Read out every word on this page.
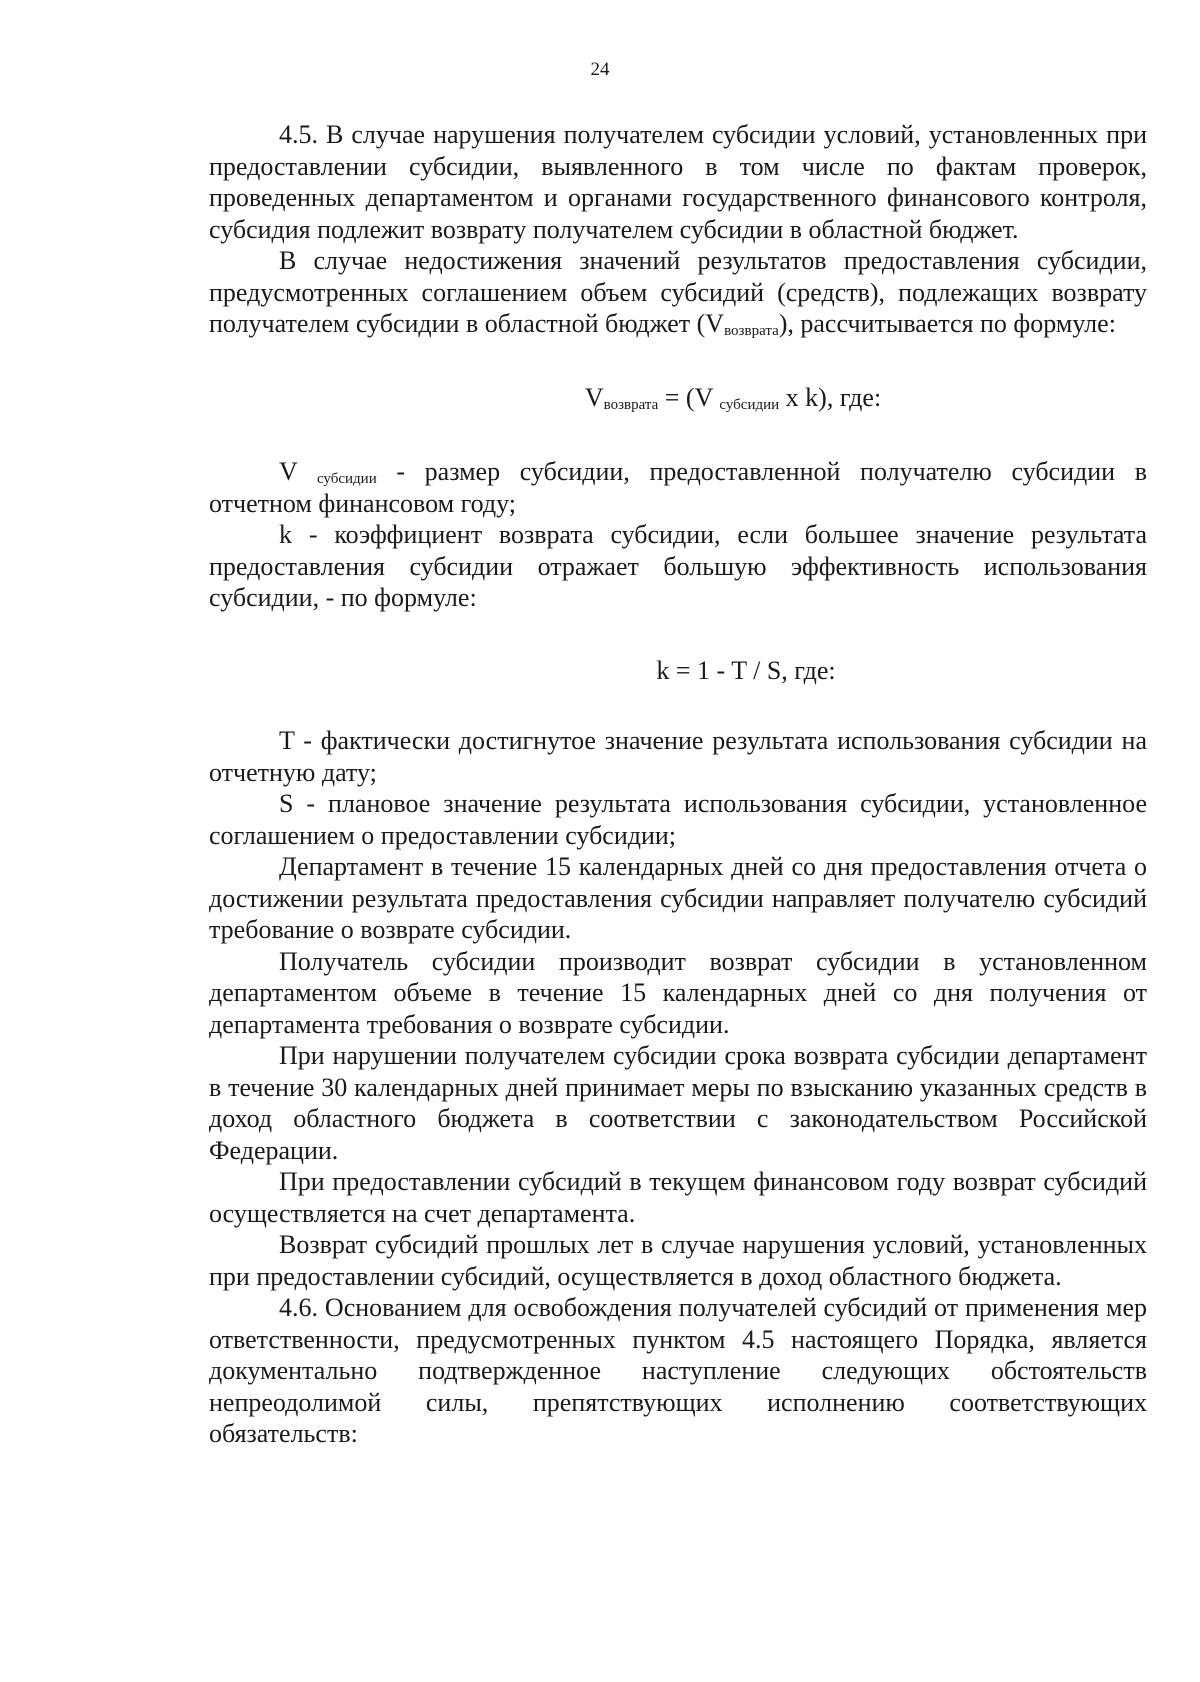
24

4.5. В случае нарушения получателем субсидии условий, установленных при предоставлении субсидии, выявленного в том числе по фактам проверок, проведенных департаментом и органами государственного финансового контроля, субсидия подлежит возврату получателем субсидии в областной бюджет.

В случае недостижения значений результатов предоставления субсидии, предусмотренных соглашением объем субсидий (средств), подлежащих возврату получателем субсидии в областной бюджет $(V_{возврата})$, рассчитывается по формуле:

$V_{возврата} = (V$ $_{субсидии}$ x k), где:

V $_{субсидии}$ - размер субсидии, предоставленной получателю субсидии в отчетном финансовом году;

k - коэффициент возврата субсидии, если большее значение результата предоставления субсидии отражает большую эффективность использования субсидии, - по формуле:

k = 1 - T / S, где:

T - фактически достигнутое значение результата использования субсидии на отчетную дату;

S - плановое значение результата использования субсидии, установленное соглашением о предоставлении субсидии;

Департамент в течение 15 календарных дней со дня предоставления отчета о достижении результата предоставления субсидии направляет получателю субсидий требование о возврате субсидии.

Получатель субсидии производит возврат субсидии в установленном департаментом объеме в течение 15 календарных дней со дня получения от департамента требования о возврате субсидии.

При нарушении получателем субсидии срока возврата субсидии департамент в течение 30 календарных дней принимает меры по взысканию указанных средств в доход областного бюджета в соответствии с законодательством Российской Федерации.

При предоставлении субсидий в текущем финансовом году возврат субсидий осуществляется на счет департамента.

Возврат субсидий прошлых лет в случае нарушения условий, установленных при предоставлении субсидий, осуществляется в доход областного бюджета.

4.6. Основанием для освобождения получателей субсидий от применения мер ответственности, предусмотренных пунктом 4.5 настоящего Порядка, является документально подтвержденное наступление следующих обстоятельств непреодолимой силы, препятствующих исполнению соответствующих обязательств:
